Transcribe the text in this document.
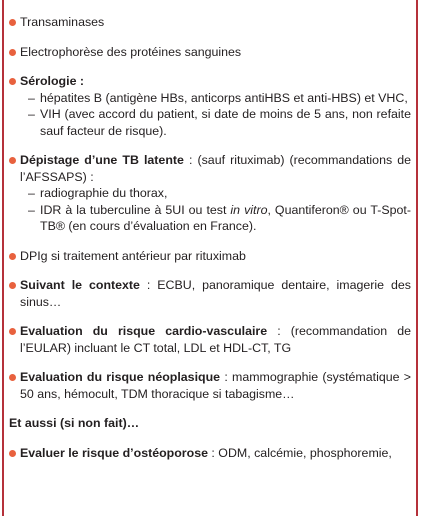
Transaminases
Electrophorèse des protéines sanguines
Sérologie :
– hépatites B (antigène HBs, anticorps antiHBS et anti-HBS) et VHC,
– VIH (avec accord du patient, si date de moins de 5 ans, non refaite sauf facteur de risque).
Dépistage d’une TB latente : (sauf rituximab) (recommandations de l’AFSSAPS) :
– radiographie du thorax,
– IDR à la tuberculine à 5UI ou test in vitro, Quantiferon® ou T-Spot-TB® (en cours d’évaluation en France).
DPIg si traitement antérieur par rituximab
Suivant le contexte : ECBU, panoramique dentaire, imagerie des sinus…
Evaluation du risque cardio-vasculaire : (recommandation de l’EULAR) incluant le CT total, LDL et HDL-CT, TG
Evaluation du risque néoplasique : mammographie (systématique > 50 ans, hémocult, TDM thoracique si tabagisme…

Et aussi (si non fait)…

Evaluer le risque d’ostéoporose : ODM, calcémie, phosphoremie,
